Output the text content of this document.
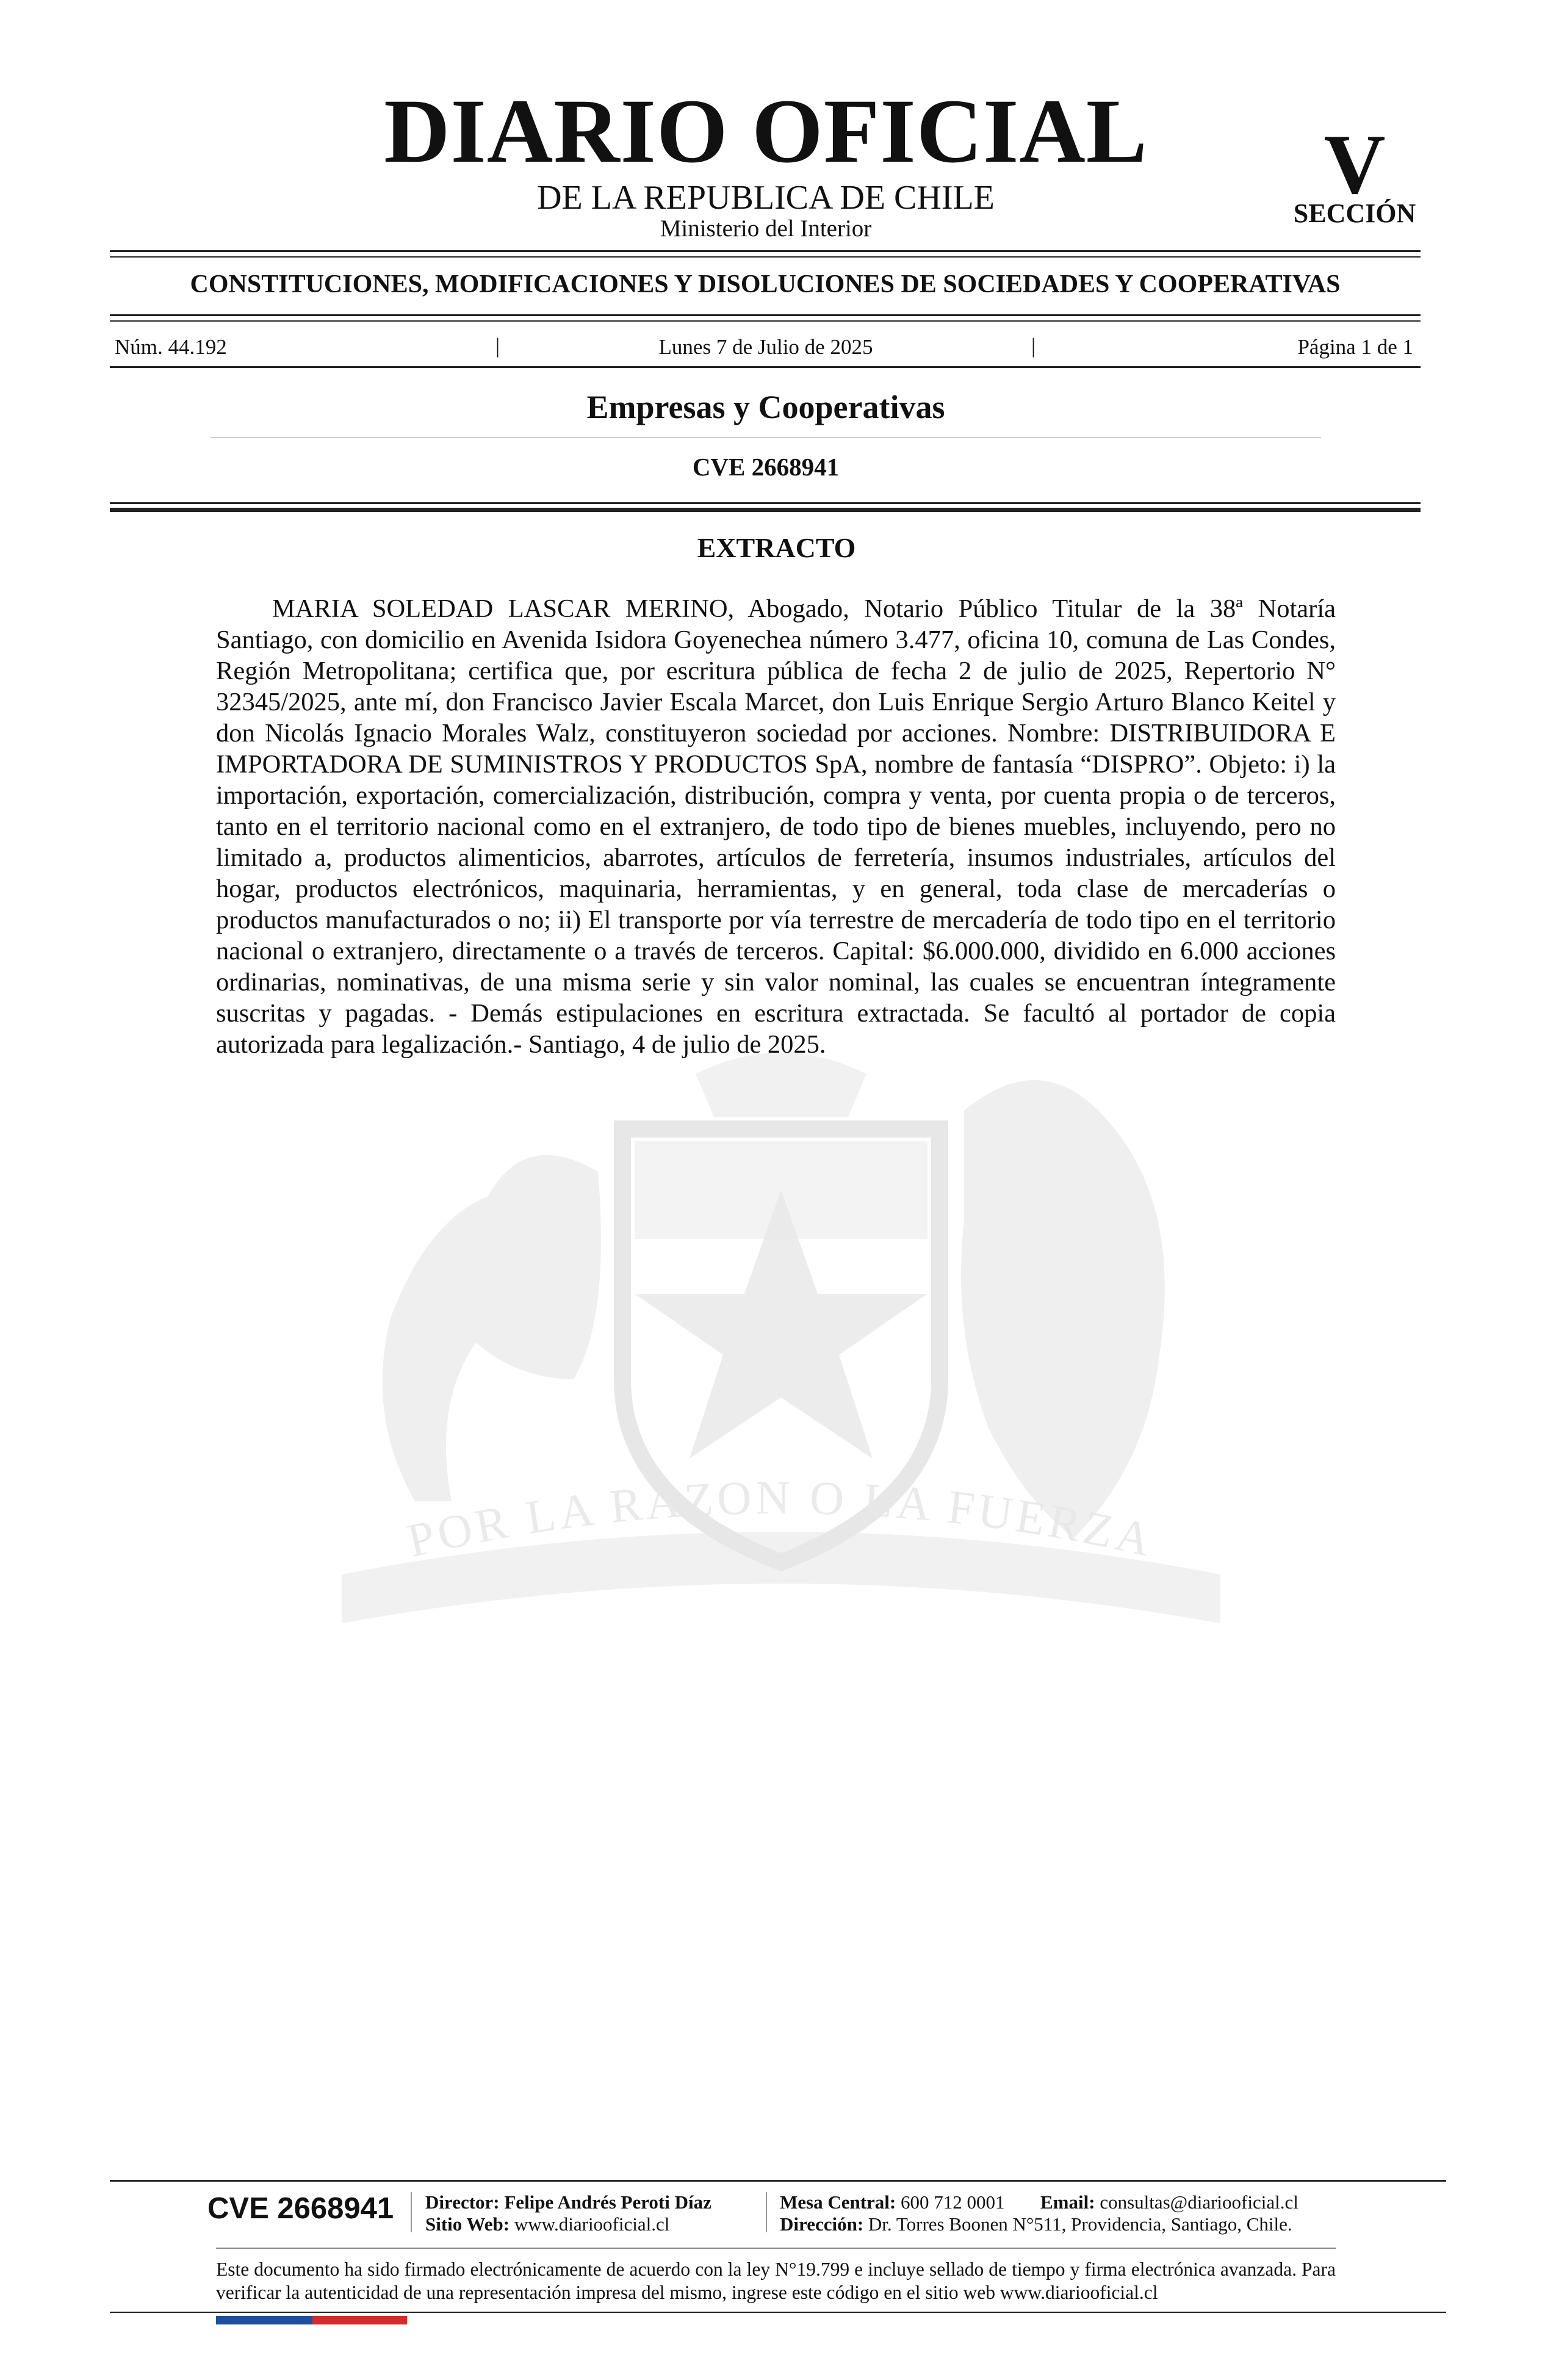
POR LA RAZON O LA FUERZA
DIARIO OFICIAL
DE LA REPUBLICA DE CHILE
Ministerio del Interior
V
SECCIÓN
CONSTITUCIONES, MODIFICACIONES Y DISOLUCIONES DE SOCIEDADES Y COOPERATIVAS
Núm. 44.192	|	Lunes 7 de Julio de 2025	|	Página 1 de 1
Empresas y Cooperativas
CVE 2668941
EXTRACTO
MARIA SOLEDAD LASCAR MERINO, Abogado, Notario Público Titular de la 38ª Notaría Santiago, con domicilio en Avenida Isidora Goyenechea número 3.477, oficina 10, comuna de Las Condes, Región Metropolitana; certifica que, por escritura pública de fecha 2 de julio de 2025, Repertorio N° 32345/2025, ante mí, don Francisco Javier Escala Marcet, don Luis Enrique Sergio Arturo Blanco Keitel y don Nicolás Ignacio Morales Walz, constituyeron sociedad por acciones. Nombre: DISTRIBUIDORA E IMPORTADORA DE SUMINISTROS Y PRODUCTOS SpA, nombre de fantasía “DISPRO”. Objeto: i) la importación, exportación, comercialización, distribución, compra y venta, por cuenta propia o de terceros, tanto en el territorio nacional como en el extranjero, de todo tipo de bienes muebles, incluyendo, pero no limitado a, productos alimenticios, abarrotes, artículos de ferretería, insumos industriales, artículos del hogar, productos electrónicos, maquinaria, herramientas, y en general, toda clase de mercaderías o productos manufacturados o no; ii) El transporte por vía terrestre de mercadería de todo tipo en el territorio nacional o extranjero, directamente o a través de terceros. Capital: $6.000.000, dividido en 6.000 acciones ordinarias, nominativas, de una misma serie y sin valor nominal, las cuales se encuentran íntegramente suscritas y pagadas. - Demás estipulaciones en escritura extractada. Se facultó al portador de copia autorizada para legalización.- Santiago, 4 de julio de 2025.
CVE 2668941 Director: Felipe Andrés Peroti Díaz
Sitio Web: www.diariooficial.cl
Mesa Central: 600 712 0001
Dirección: Dr. Torres Boonen N°511, Providencia, Santiago, Chile.
Email: consultas@diariooficial.cl
Este documento ha sido firmado electrónicamente de acuerdo con la ley N°19.799 e incluye sellado de tiempo y firma electrónica avanzada. Para verificar la autenticidad de una representación impresa del mismo, ingrese este código en el sitio web www.diariooficial.cl
